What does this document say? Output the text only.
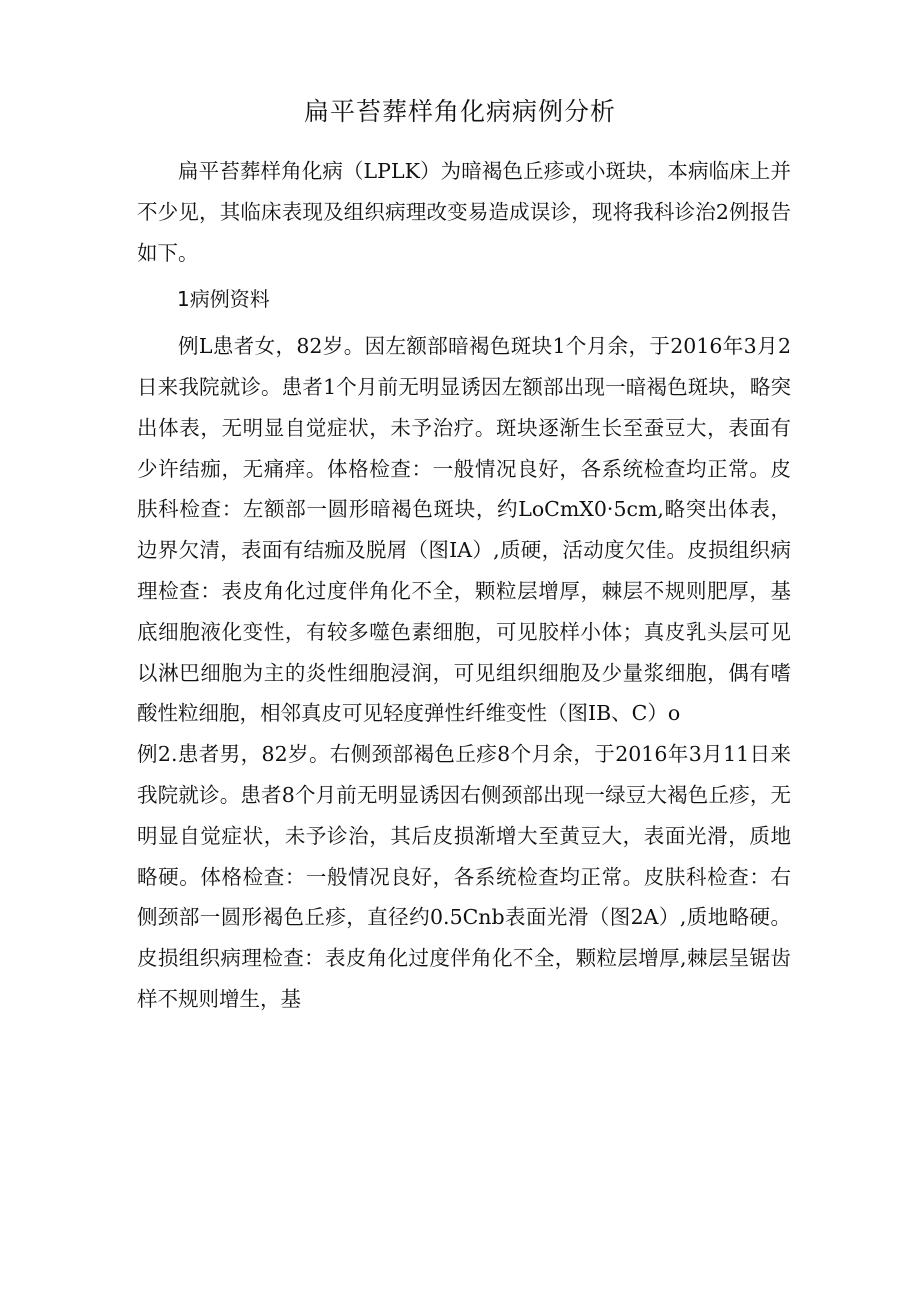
扁平苔葬样角化病病例分析

扁平苔葬样角化病（LPLK）为暗褐色丘疹或小斑块，本病临床上并不少见，其临床表现及组织病理改变易造成误诊，现将我科诊治2例报告如下。

1病例资料

例L患者女，82岁。因左额部暗褐色斑块1个月余，于2016年3月2日来我院就诊。患者1个月前无明显诱因左额部出现一暗褐色斑块，略突出体表，无明显自觉症状，未予治疗。斑块逐渐生长至蚕豆大，表面有少许结痂，无痛痒。体格检查：一般情况良好，各系统检查均正常。皮肤科检查：左额部一圆形暗褐色斑块，约LoCmX0·5cm,略突出体表，边界欠清，表面有结痂及脱屑（图IA）,质硬，活动度欠佳。皮损组织病理检查：表皮角化过度伴角化不全，颗粒层增厚，棘层不规则肥厚，基底细胞液化变性，有较多噬色素细胞，可见胶样小体；真皮乳头层可见以淋巴细胞为主的炎性细胞浸润，可见组织细胞及少量浆细胞，偶有嗜酸性粒细胞，相邻真皮可见轻度弹性纤维变性（图IB、C）o

例2.患者男，82岁。右侧颈部褐色丘疹8个月余，于2016年3月11日来我院就诊。患者8个月前无明显诱因右侧颈部出现一绿豆大褐色丘疹，无明显自觉症状，未予诊治，其后皮损渐增大至黄豆大，表面光滑，质地略硬。体格检查：一般情况良好，各系统检查均正常。皮肤科检查：右侧颈部一圆形褐色丘疹，直径约0.5Cnb表面光滑（图2A）,质地略硬。皮损组织病理检查：表皮角化过度伴角化不全，颗粒层增厚,棘层呈锯齿样不规则增生，基
